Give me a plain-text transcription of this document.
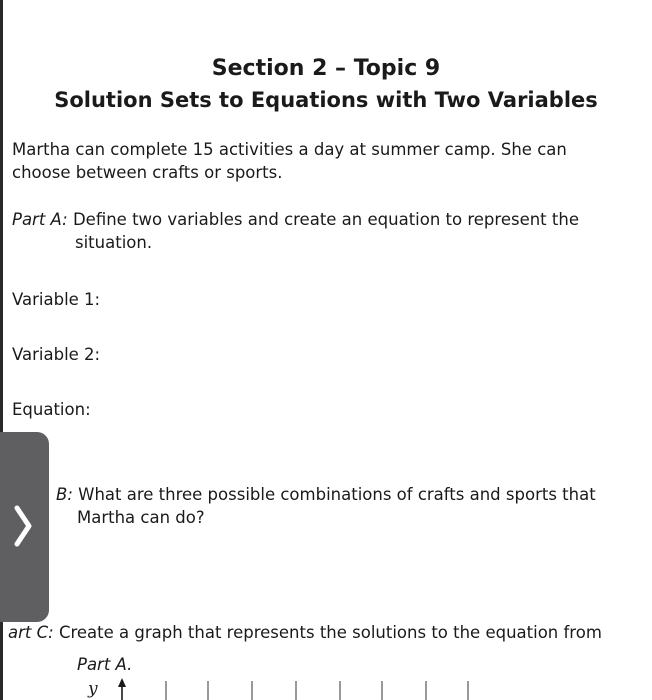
Section 2 – Topic 9
Solution Sets to Equations with Two Variables

Martha can complete 15 activities a day at summer camp. She can
choose between crafts or sports.

Part A: Define two variables and create an equation to represent the
situation.

Variable 1:
Variable 2:
Equation:
B: What are three possible combinations of crafts and sports that
Martha can do?
art C: Create a graph that represents the solutions to the equation from
Part A.
y
